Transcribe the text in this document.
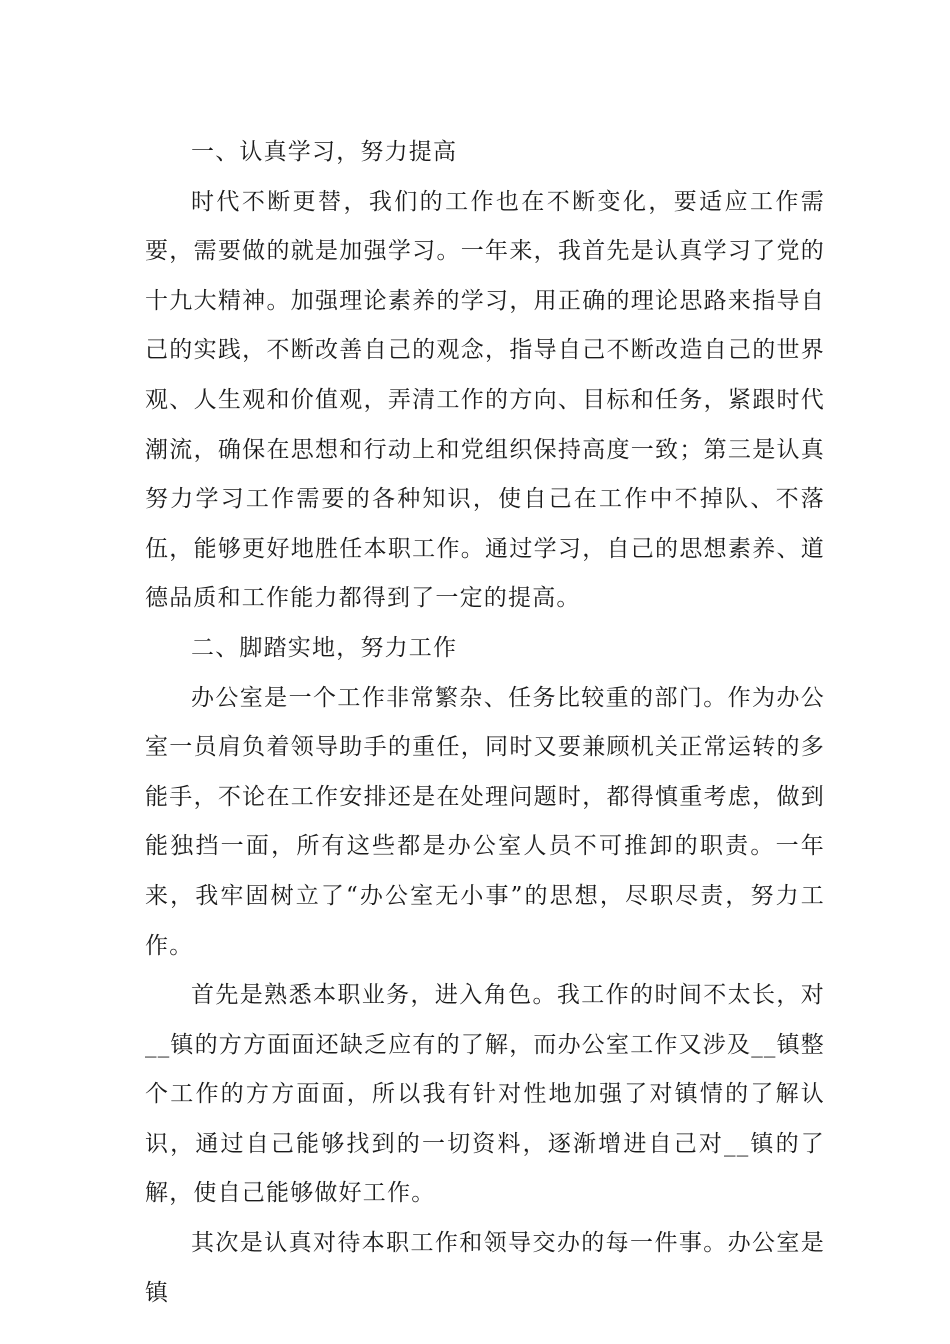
一、认真学习，努力提高

时代不断更替，我们的工作也在不断变化，要适应工作需要，需要做的就是加强学习。一年来，我首先是认真学习了党的十九大精神。加强理论素养的学习，用正确的理论思路来指导自己的实践，不断改善自己的观念，指导自己不断改造自己的世界观、人生观和价值观，弄清工作的方向、目标和任务，紧跟时代潮流，确保在思想和行动上和党组织保持高度一致；第三是认真努力学习工作需要的各种知识，使自己在工作中不掉队、不落伍，能够更好地胜任本职工作。通过学习，自己的思想素养、道德品质和工作能力都得到了一定的提高。

二、脚踏实地，努力工作

办公室是一个工作非常繁杂、任务比较重的部门。作为办公室一员肩负着领导助手的重任，同时又要兼顾机关正常运转的多能手，不论在工作安排还是在处理问题时，都得慎重考虑，做到能独挡一面，所有这些都是办公室人员不可推卸的职责。一年来，我牢固树立了“办公室无小事”的思想，尽职尽责，努力工作。

首先是熟悉本职业务，进入角色。我工作的时间不太长，对__镇的方方面面还缺乏应有的了解，而办公室工作又涉及__镇整个工作的方方面面，所以我有针对性地加强了对镇情的了解认识，通过自己能够找到的一切资料，逐渐增进自己对__镇的了解，使自己能够做好工作。

其次是认真对待本职工作和领导交办的每一件事。办公室是镇
